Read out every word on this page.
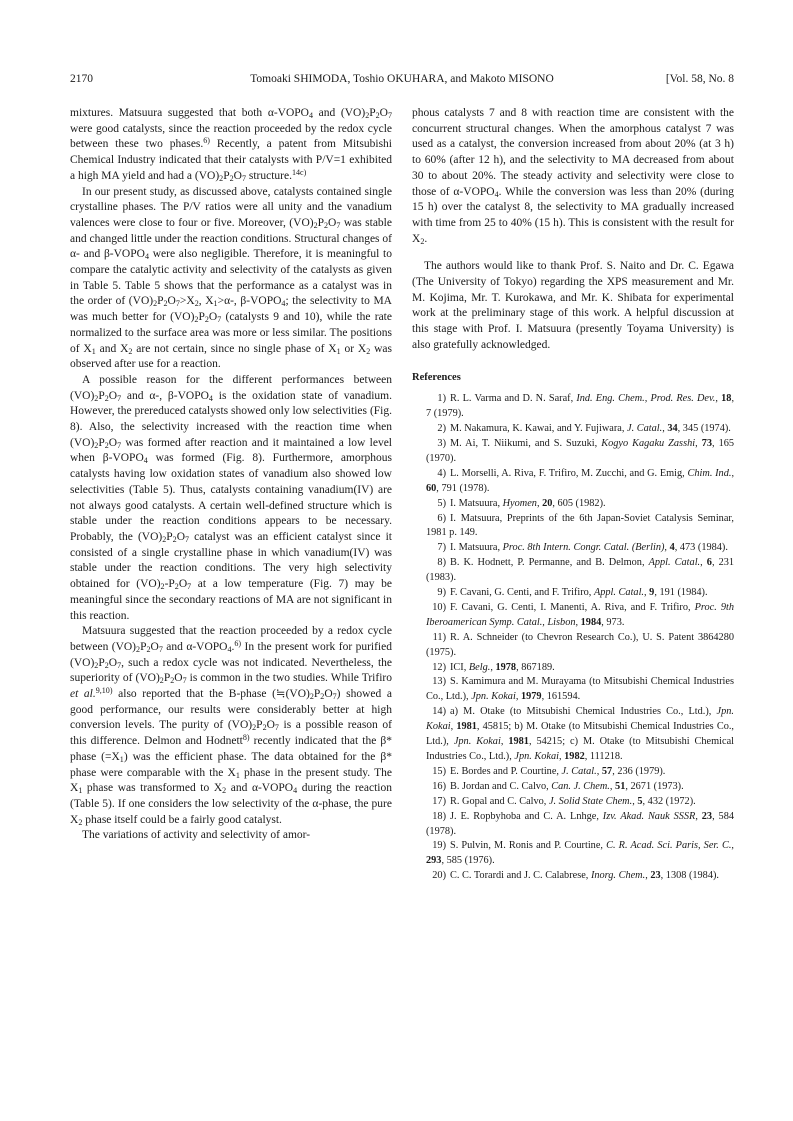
2170	Tomoaki SHIMODA, Toshio OKUHARA, and Makoto MISONO	[Vol. 58, No. 8

mixtures. Matsuura suggested that both $\alpha-VOPO_4$ and $(VO)_2P_2O_7$ were good catalysts, since the reaction proceeded by the redox cycle between these two phases.$^{6)}$ Recently, a patent from Mitsubishi Chemical Industry indicated that their catalysts with P/V=1 exhibited a high MA yield and had a $(VO)_2P_2O_7$ structure.$^{14c)}$

In our present study, as discussed above, catalysts contained single crystalline phases. The P/V ratios were all unity and the vanadium valences were close to four or five. Moreover, $(VO)_2P_2O_7$ was stable and changed little under the reaction conditions. Structural changes of α- and $\beta-VOPO_4$ were also negligible. Therefore, it is meaningful to compare the catalytic activity and selectivity of the catalysts as given in Table 5. Table 5 shows that the performance as a catalyst was in the order of $(VO)_2P_2O_7>X_2$, $X_1>\alpha-$, $\beta-VOPO_4$; the selectivity to MA was much better for $(VO)_2P_2O_7$ (catalysts 9 and 10), while the rate normalized to the surface area was more or less similar. The positions of $X_1$ and $X_2$ are not certain, since no single phase of $X_1$ or $X_2$ was observed after use for a reaction.

A possible reason for the different performances between $(VO)_2P_2O_7$ and α-, $\beta-VOPO_4$ is the oxidation state of vanadium. However, the prereduced catalysts showed only low selectivities (Fig. 8). Also, the selectivity increased with the reaction time when $(VO)_2P_2O_7$ was formed after reaction and it maintained a low level when $\beta-VOPO_4$ was formed (Fig. 8). Furthermore, amorphous catalysts having low oxidation states of vanadium also showed low selectivities (Table 5). Thus, catalysts containing vanadium(IV) are not always good catalysts. A certain well-defined structure which is stable under the reaction conditions appears to be necessary. Probably, the $(VO)_2P_2O_7$ catalyst was an efficient catalyst since it consisted of a single crystalline phase in which vanadium(IV) was stable under the reaction conditions. The very high selectivity obtained for $(VO)_2-P_2O_7$ at a low temperature (Fig. 7) may be meaningful since the secondary reactions of MA are not significant in this reaction.

Matsuura suggested that the reaction proceeded by a redox cycle between $(VO)_2P_2O_7$ and $\alpha-VOPO_4.^{6)}$ In the present work for purified $(VO)_2P_2O_7$, such a redox cycle was not indicated. Nevertheless, the superiority of $(VO)_2P_2O_7$ is common in the two studies. While Trifiro et al.$^{9,10)}$ also reported that the B-phase $(≒(VO)_2P_2O_7)$ showed a good performance, our results were considerably better at high conversion levels. The purity of $(VO)_2P_2O_7$ is a possible reason of this difference. Delmon and Hodnett$^{8)}$ recently indicated that the β* phase $(=X_1)$ was the efficient phase. The data obtained for the β* phase were comparable with the $X_1$ phase in the present study. The $X_1$ phase was transformed to $X_2$ and $\alpha-VOPO_4$ during the reaction (Table 5). If one considers the low selectivity of the α-phase, the pure $X_2$ phase itself could be a fairly good catalyst.

The variations of activity and selectivity of amor-

phous catalysts 7 and 8 with reaction time are consistent with the concurrent structural changes. When the amorphous catalyst 7 was used as a catalyst, the conversion increased from about 20% (at 3 h) to 60% (after 12 h), and the selectivity to MA decreased from about 30 to about 20%. The steady activity and selectivity were close to those of $\alpha-VOPO_4$. While the conversion was less than 20% (during 15 h) over the catalyst 8, the selectivity to MA gradually increased with time from 25 to 40% (15 h). This is consistent with the result for $X_2$.

The authors would like to thank Prof. S. Naito and Dr. C. Egawa (The University of Tokyo) regarding the XPS measurement and Mr. M. Kojima, Mr. T. Kurokawa, and Mr. K. Shibata for experimental work at the preliminary stage of this work. A helpful discussion at this stage with Prof. I. Matsuura (presently Toyama University) is also gratefully acknowledged.

References

1) R. L. Varma and D. N. Saraf, Ind. Eng. Chem., Prod. Res. Dev., 18, 7 (1979).

2) M. Nakamura, K. Kawai, and Y. Fujiwara, J. Catal., 34, 345 (1974).

3) M. Ai, T. Niikumi, and S. Suzuki, Kogyo Kagaku Zasshi, 73, 165 (1970).

4) L. Morselli, A. Riva, F. Trifiro, M. Zucchi, and G. Emig, Chim. Ind., 60, 791 (1978).

5) I. Matsuura, Hyomen, 20, 605 (1982).

6) I. Matsuura, Preprints of the 6th Japan-Soviet Catalysis Seminar, 1981 p. 149.

7) I. Matsuura, Proc. 8th Intern. Congr. Catal. (Berlin), 4, 473 (1984).

8) B. K. Hodnett, P. Permanne, and B. Delmon, Appl. Catal., 6, 231 (1983).

9) F. Cavani, G. Centi, and F. Trifiro, Appl. Catal., 9, 191 (1984).

10) F. Cavani, G. Centi, I. Manenti, A. Riva, and F. Trifiro, Proc. 9th Iberoamerican Symp. Catal., Lisbon, 1984, 973.

11) R. A. Schneider (to Chevron Research Co.), U. S. Patent 3864280 (1975).

12) ICI, Belg., 1978, 867189.

13) S. Kamimura and M. Murayama (to Mitsubishi Chemical Industries Co., Ltd.), Jpn. Kokai, 1979, 161594.

14) a) M. Otake (to Mitsubishi Chemical Industries Co., Ltd.), Jpn. Kokai, 1981, 45815; b) M. Otake (to Mitsubishi Chemical Industries Co., Ltd.), Jpn. Kokai, 1981, 54215; c) M. Otake (to Mitsubishi Chemical Industries Co., Ltd.), Jpn. Kokai, 1982, 111218.

15) E. Bordes and P. Courtine, J. Catal., 57, 236 (1979).

16) B. Jordan and C. Calvo, Can. J. Chem., 51, 2671 (1973).

17) R. Gopal and C. Calvo, J. Solid State Chem., 5, 432 (1972).

18) J. E. Ropbyhoba and C. A. Lnhge, Izv. Akad. Nauk SSSR, 23, 584 (1978).

19) S. Pulvin, M. Ronis and P. Courtine, C. R. Acad. Sci. Paris, Ser. C., 293, 585 (1976).

20) C. C. Torardi and J. C. Calabrese, Inorg. Chem., 23, 1308 (1984).
